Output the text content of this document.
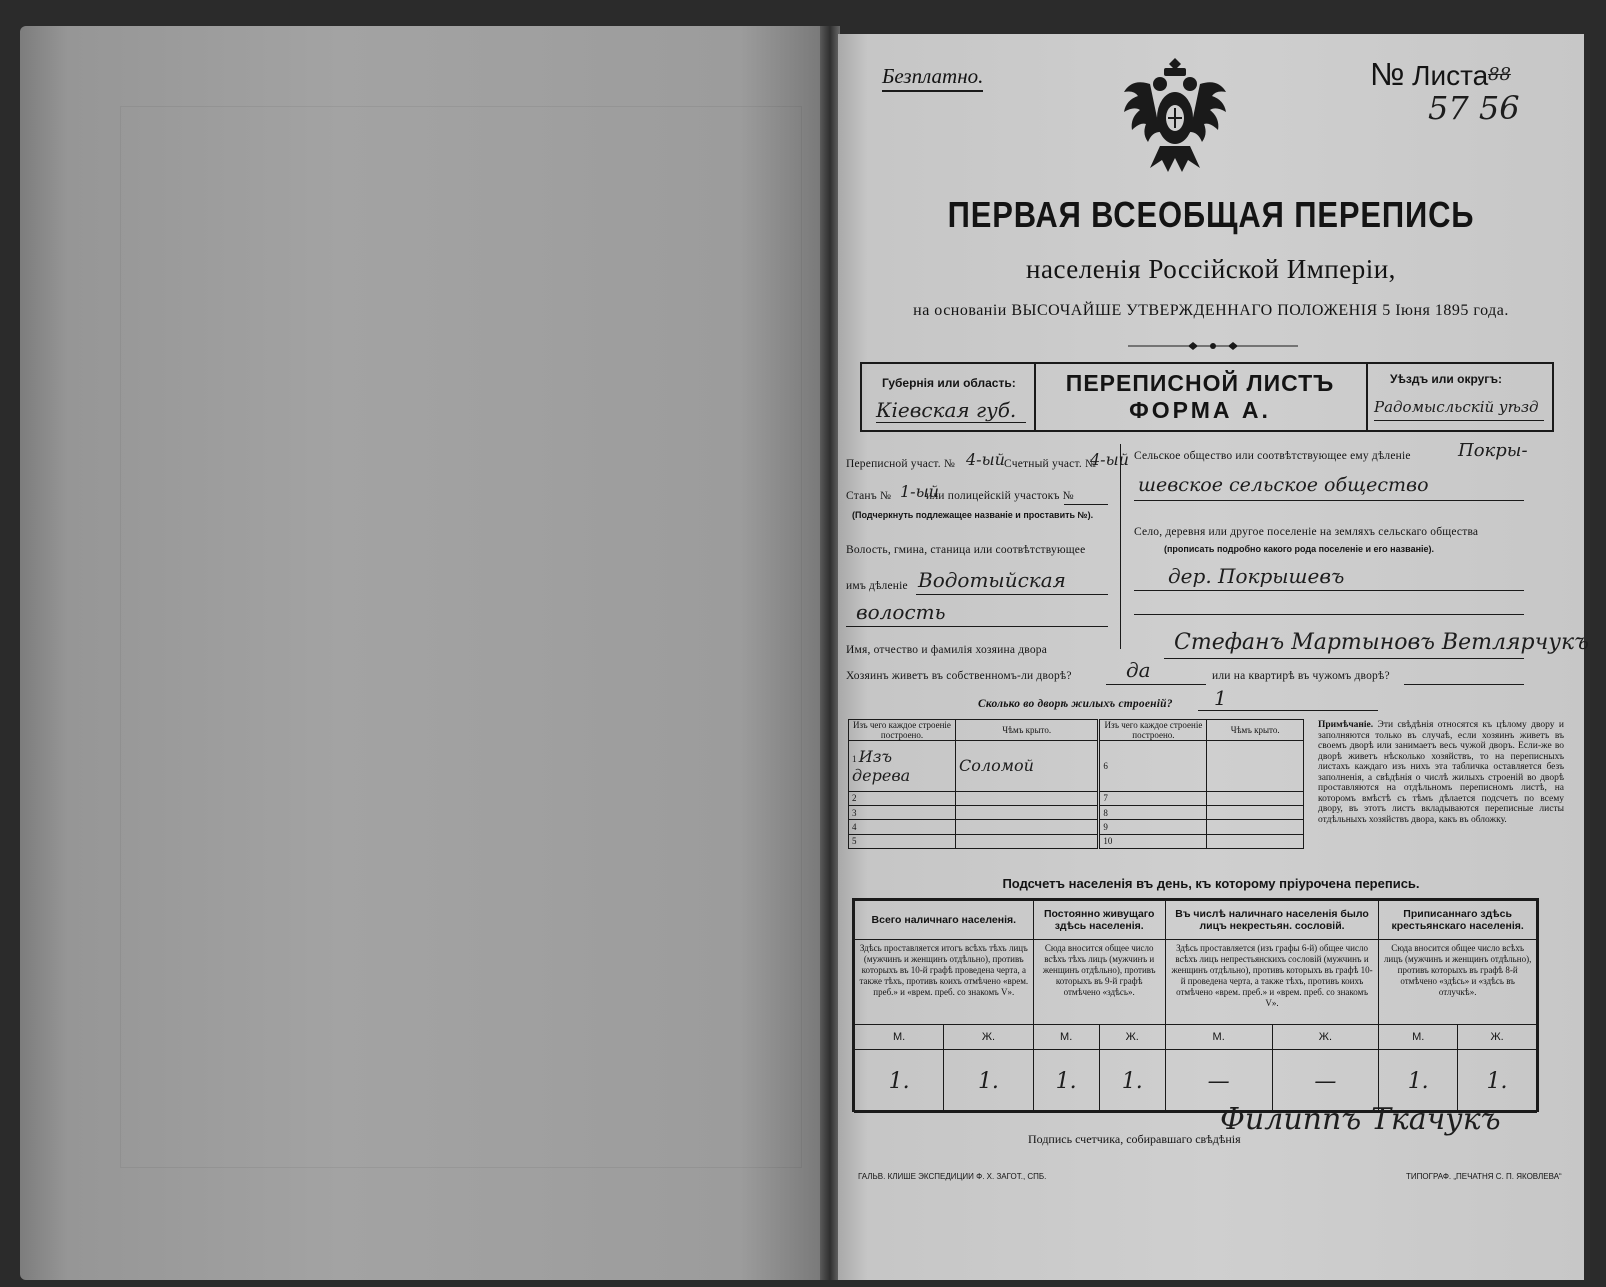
Безплатно.	№ Листа 88
57 56
ПЕРВАЯ ВСЕОБЩАЯ ПЕРЕПИСЬ
населенія Россійской Имперіи,
на основаніи ВЫСОЧАЙШЕ УТВЕРЖДЕННАГО ПОЛОЖЕНІЯ 5 Іюня 1895 года.
Губернія или область:
Кіевская губ.
ПЕРЕПИСНОЙ ЛИСТЪ
ФОРМА А.
Уѣздъ или округъ:
Радомысльскій уѣзд
Переписной участ. № 4-ый Счетный участ. №
4-ый
Станъ № 1-ый
или полицейскій участокъ №
(Подчеркнуть подлежащее названіе и проставить №).
Волость, гмина, станица или соотвѣтствующее
имъ дѣленіе Водотыйская
волость
Сельское общество или соотвѣтствующее ему дѣленіе	Покры-
шевское сельское общество
Село, деревня или другое поселеніе на земляхъ сельскаго общества
(прописать подробно какого рода поселеніе и его названіе).
дер. Покрышевъ
Имя, отчество и фамилія хозяина двора	Стефанъ Мартыновъ Ветлярчукъ
Хозяинъ живетъ въ собственномъ-ли дворѣ?	да	или на квартирѣ въ чужомъ дворѣ?
Сколько во дворѣ жилыхъ строеній? 1
Изъ чего каждое строеніе построено.	Чѣмъ крыто.	Изъ чего каждое строеніе построено.	Чѣмъ крыто.
1 Изъ дерева	Соломой	6	
2		7	
3		8	
4		9	
5		10	
Примѣчаніе. Эти свѣдѣнія относятся къ цѣлому двору и заполняются только въ случаѣ, если хозяинъ живетъ въ своемъ дворѣ или занимаетъ весь чужой дворъ. Если-же во дворѣ живетъ нѣсколько хозяйствъ, то на переписныхъ листахъ каждаго изъ нихъ эта табличка оставляется безъ заполненія, а свѣдѣнія о числѣ жилыхъ строеній во дворѣ проставляются на отдѣльномъ переписномъ листѣ, на которомъ вмѣстѣ съ тѣмъ дѣлается подсчетъ по всему двору, въ этотъ листъ вкладываются переписные листы отдѣльныхъ хозяйствъ двора, какъ въ обложку.
Подсчетъ населенія въ день, къ которому пріурочена перепись.
Всего наличнаго населенія.		Постоянно живущаго здѣсь населенія.		Въ числѣ наличнаго населенія было лицъ некрестьян. сословій.		Приписаннаго здѣсь крестьянскаго населенія.	
Здѣсь проставляется итогъ всѣхъ тѣхъ лицъ (мужчинъ и женщинъ отдѣльно), противъ которыхъ въ 10-й графѣ проведена черта, а также тѣхъ, противъ коихъ отмѣчено «врем. преб.» и «врем. преб. со знакомъ V».		Сюда вносится общее число всѣхъ тѣхъ лицъ (мужчинъ и женщинъ отдѣльно), противъ которыхъ въ 9-й графѣ отмѣчено «здѣсь».		Здѣсь проставляется (изъ графы 6-й) общее число всѣхъ лицъ непрестьянскихъ сословій (мужчинъ и женщинъ отдѣльно), противъ которыхъ въ графѣ 10-й проведена черта, а также тѣхъ, противъ коихъ отмѣчено «врем. преб.» и «врем. преб. со знакомъ V».		Сюда вносится общее число всѣхъ лицъ (мужчинъ и женщинъ отдѣльно), противъ которыхъ въ графѣ 8-й отмѣчено «здѣсь» и «здѣсь въ отлучкѣ».	
М.	Ж.	М.	Ж.	М.	Ж.	М.	Ж.
1.	1.	1.	1.	—	—	1.	1.
Подпись счетчика, собиравшаго свѣдѣнія
Филиппъ Ткачукъ
ГАЛЬВ. КЛИШЕ ЭКСПЕДИЦИИ Ф. Х. ЗАГОТ., СПБ.	ТИПОГРАФ. „ПЕЧАТНЯ С. П. ЯКОВЛЕВА“
